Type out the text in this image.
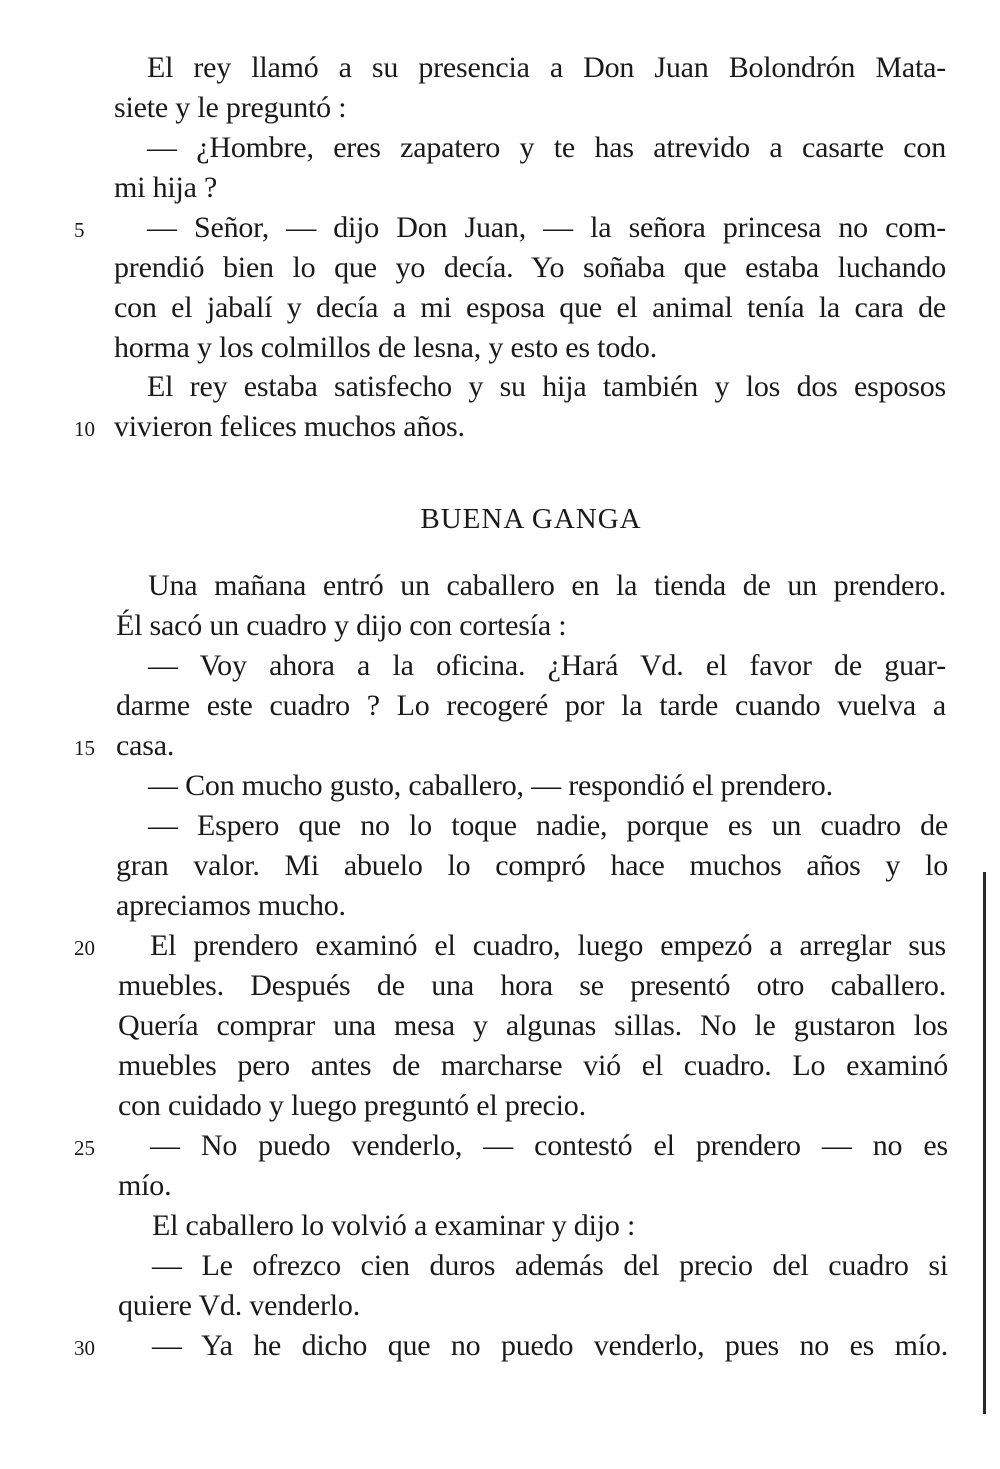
El rey llamó a su presencia a Don Juan Bolondrón Mata-
siete y le preguntó :
— ¿Hombre, eres zapatero y te has atrevido a casarte con
mi hija ?
5	— Señor, — dijo Don Juan, — la señora princesa no com-
prendió bien lo que yo decía. Yo soñaba que estaba luchando
con el jabalí y decía a mi esposa que el animal tenía la cara de
horma y los colmillos de lesna, y esto es todo.
El rey estaba satisfecho y su hija también y los dos esposos
10 vivieron felices muchos años.
BUENA GANGA
Una mañana entró un caballero en la tienda de un prendero.
Él sacó un cuadro y dijo con cortesía :
— Voy ahora a la oficina. ¿Hará Vd. el favor de guar-
darme este cuadro ? Lo recogeré por la tarde cuando vuelva a
15 casa.
— Con mucho gusto, caballero, — respondió el prendero.
— Espero que no lo toque nadie, porque es un cuadro de
gran valor. Mi abuelo lo compró hace muchos años y lo
apreciamos mucho.
20	El prendero examinó el cuadro, luego empezó a arreglar sus
muebles. Después de una hora se presentó otro caballero.
Quería comprar una mesa y algunas sillas. No le gustaron los
muebles pero antes de marcharse vió el cuadro. Lo examinó
con cuidado y luego preguntó el precio.
25	— No puedo venderlo, — contestó el prendero — no es
mío.
El caballero lo volvió a examinar y dijo :
— Le ofrezco cien duros además del precio del cuadro si
quiere Vd. venderlo.
30	— Ya he dicho que no puedo venderlo, pues no es mío.
